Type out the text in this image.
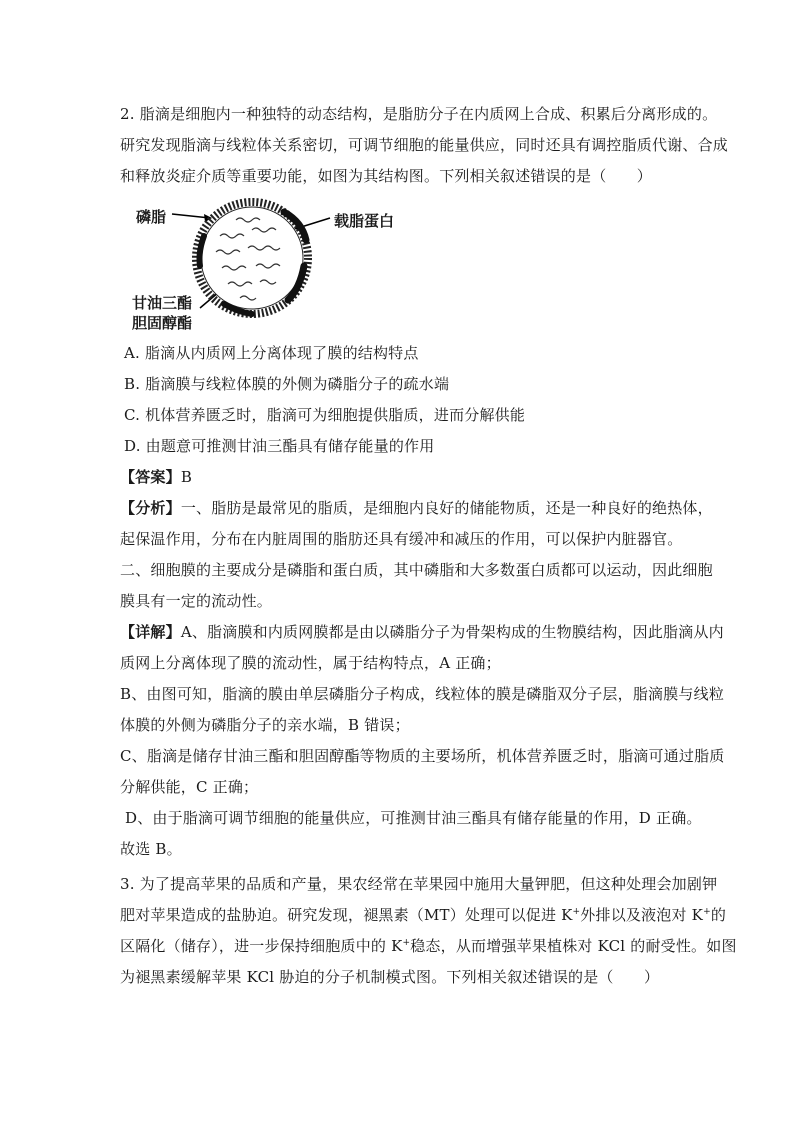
2. 脂滴是细胞内一种独特的动态结构，是脂肪分子在内质网上合成、积累后分离形成的。
研究发现脂滴与线粒体关系密切，可调节细胞的能量供应，同时还具有调控脂质代谢、合成
和释放炎症介质等重要功能，如图为其结构图。下列相关叙述错误的是（　　）
磷脂	载脂蛋白
甘油三酯
胆固醇酯
A. 脂滴从内质网上分离体现了膜的结构特点
B. 脂滴膜与线粒体膜的外侧为磷脂分子的疏水端
C. 机体营养匮乏时，脂滴可为细胞提供脂质，进而分解供能
D. 由题意可推测甘油三酯具有储存能量的作用
【答案】B
【分析】一、脂肪是最常见的脂质，是细胞内良好的储能物质，还是一种良好的绝热体，
起保温作用，分布在内脏周围的脂肪还具有缓冲和减压的作用，可以保护内脏器官。
二、细胞膜的主要成分是磷脂和蛋白质，其中磷脂和大多数蛋白质都可以运动，因此细胞
膜具有一定的流动性。
【详解】A、脂滴膜和内质网膜都是由以磷脂分子为骨架构成的生物膜结构，因此脂滴从内
质网上分离体现了膜的流动性，属于结构特点，A 正确；
B、由图可知，脂滴的膜由单层磷脂分子构成，线粒体的膜是磷脂双分子层，脂滴膜与线粒
体膜的外侧为磷脂分子的亲水端，B 错误；
C、脂滴是储存甘油三酯和胆固醇酯等物质的主要场所，机体营养匮乏时，脂滴可通过脂质
分解供能，C 正确；
D、由于脂滴可调节细胞的能量供应，可推测甘油三酯具有储存能量的作用，D 正确。
故选 B。
3. 为了提高苹果的品质和产量，果农经常在苹果园中施用大量钾肥，但这种处理会加剧钾
肥对苹果造成的盐胁迫。研究发现，褪黑素（MT）处理可以促进 K+外排以及液泡对 K+的
区隔化（储存），进一步保持细胞质中的 K+稳态，从而增强苹果植株对 KCl 的耐受性。如图
为褪黑素缓解苹果 KCl 胁迫的分子机制模式图。下列相关叙述错误的是（　　）
